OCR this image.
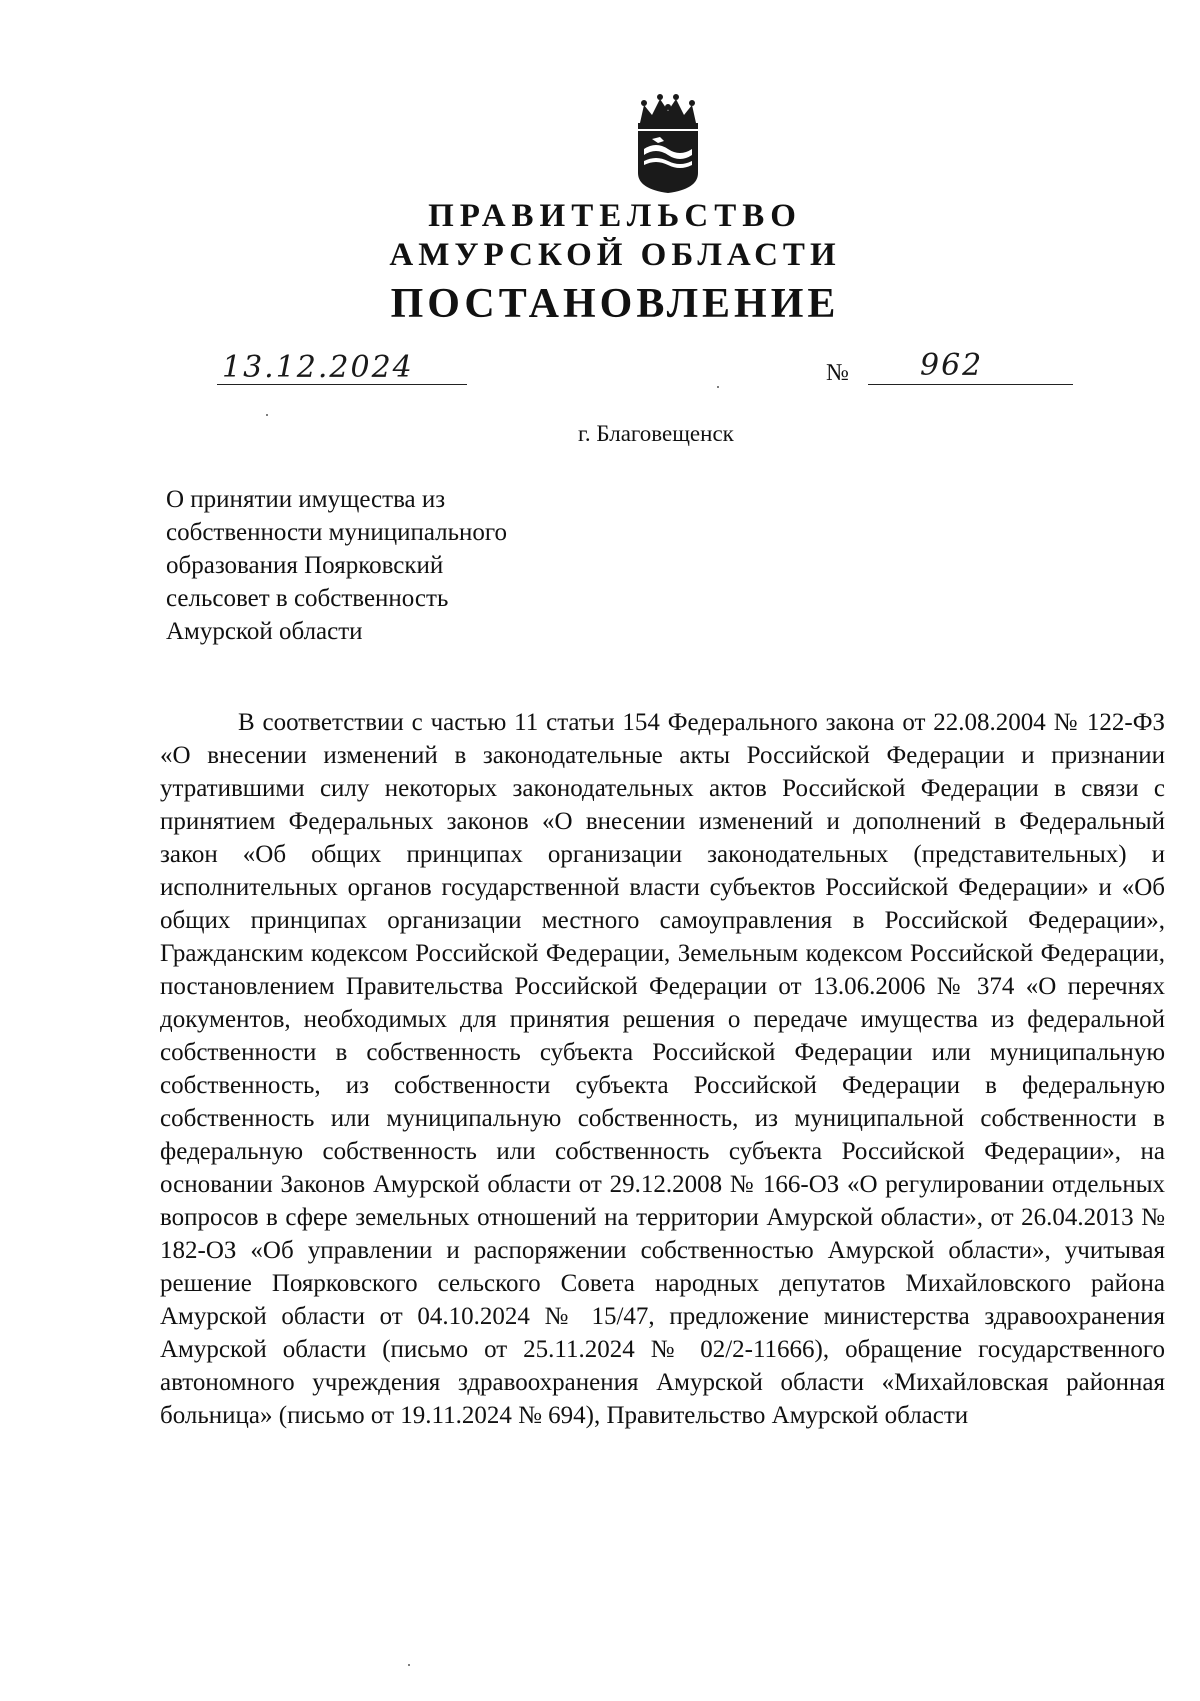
ПРАВИТЕЛЬСТВО
АМУРСКОЙ ОБЛАСТИ
ПОСТАНОВЛЕНИЕ
13.12.2024	№ 962
г. Благовещенск
О принятии имущества из
собственности муниципального
образования Поярковский
сельсовет в собственность
Амурской области

В соответствии с частью 11 статьи 154 Федерального закона от 22.08.2004 № 122-ФЗ «О внесении изменений в законодательные акты Российской Федерации и признании утратившими силу некоторых законодательных актов Российской Федерации в связи с принятием Федеральных законов «О внесении изменений и дополнений в Федеральный закон «Об общих принципах организации законодательных (представительных) и исполнительных органов государственной власти субъектов Российской Федерации» и «Об общих принципах организации местного самоуправления в Российской Федерации», Гражданским кодексом Российской Федерации, Земельным кодексом Российской Федерации, постановлением Правительства Российской Федерации от 13.06.2006 № 374 «О перечнях документов, необходимых для принятия решения о передаче имущества из федеральной собственности в собственность субъекта Российской Федерации или муниципальную собственность, из собственности субъекта Российской Федерации в федеральную собственность или муниципальную собственность, из муниципальной собственности в федеральную собственность или собственность субъекта Российской Федерации», на основании Законов Амурской области от 29.12.2008 № 166-ОЗ «О регулировании отдельных вопросов в сфере земельных отношений на территории Амурской области», от 26.04.2013 № 182-ОЗ «Об управлении и распоряжении собственностью Амурской области», учитывая решение Поярковского сельского Совета народных депутатов Михайловского района Амурской области от 04.10.2024 № 15/47, предложение министерства здравоохранения Амурской области (письмо от 25.11.2024 № 02/2-11666), обращение государственного автономного учреждения здравоохранения Амурской области «Михайловская районная больница» (письмо от 19.11.2024 № 694), Правительство Амурской области
